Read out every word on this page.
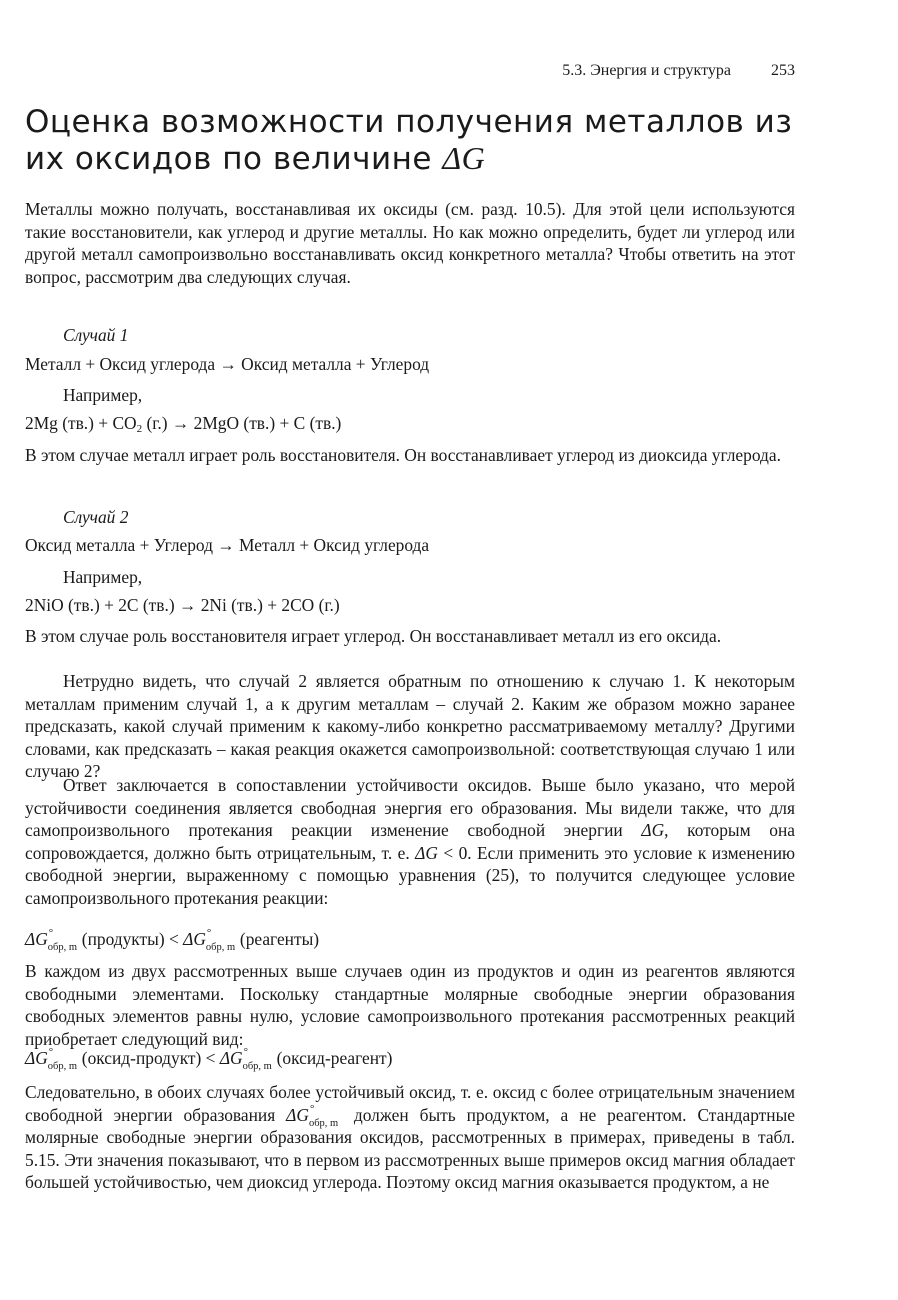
5.3. Энергия и структура	253
Оценка возможности получения металлов из
их оксидов по величине ΔG

Металлы можно получать, восстанавливая их оксиды (см. разд. 10.5). Для этой цели используются такие восстановители, как углерод и другие металлы. Но как можно определить, будет ли углерод или другой металл самопроизвольно восстанавливать оксид конкретного металла? Чтобы ответить на этот вопрос, рассмотрим два следующих случая.

Случай 1

Металл + Оксид углерода → Оксид металла + Углерод

Например,

2Mg $(тв.) + CO_2$ (г.) → 2MgO (тв.) + C (тв.)

В этом случае металл играет роль восстановителя. Он восстанавливает углерод из диоксида углерода.

Случай 2

Оксид металла + Углерод → Металл + Оксид углерода

Например,

2NiO (тв.) + 2C (тв.) → 2Ni (тв.) + 2CO (г.)

В этом случае роль восстановителя играет углерод. Он восстанавливает металл из его оксида.

Нетрудно видеть, что случай 2 является обратным по отношению к случаю 1. К некоторым металлам применим случай 1, а к другим металлам – случай 2. Каким же образом можно заранее предсказать, какой случай применим к какому-либо конкретно рассматриваемому металлу? Другими словами, как предсказать – какая реакция окажется самопроизвольной: соответствующая случаю 1 или случаю 2?

Ответ заключается в сопоставлении устойчивости оксидов. Выше было указано, что мерой устойчивости соединения является свободная энергия его образования. Мы видели также, что для самопроизвольного протекания реакции изменение свободной энергии ΔG, которым она сопровождается, должно быть отрицательным, т. е. ΔG < 0. Если применить это условие к изменению свободной энергии, выраженному с помощью уравнения (25), то получится следующее условие самопроизвольного протекания реакции:

ΔG °
обр, m (продукты) < ΔG °
обр, m (реагенты)

В каждом из двух рассмотренных выше случаев один из продуктов и один из реагентов являются свободными элементами. Поскольку стандартные молярные свободные энергии образования свободных элементов равны нулю, условие самопроизвольного протекания рассмотренных реакций приобретает следующий вид:

ΔG °
обр, m (оксид-продукт) < ΔG °
обр, m (оксид-реагент)

Следовательно, в обоих случаях более устойчивый оксид, т. е. оксид с более отрицательным значением свободной энергии образования ΔG °
обр, m должен быть продуктом, а не реагентом. Стандартные молярные свободные энергии образования оксидов, рассмотренных в примерах, приведены в табл. 5.15. Эти значения показывают, что в первом из рассмотренных выше примеров оксид магния обладает большей устойчивостью, чем диоксид углерода. Поэтому оксид магния оказывается продуктом, а не
